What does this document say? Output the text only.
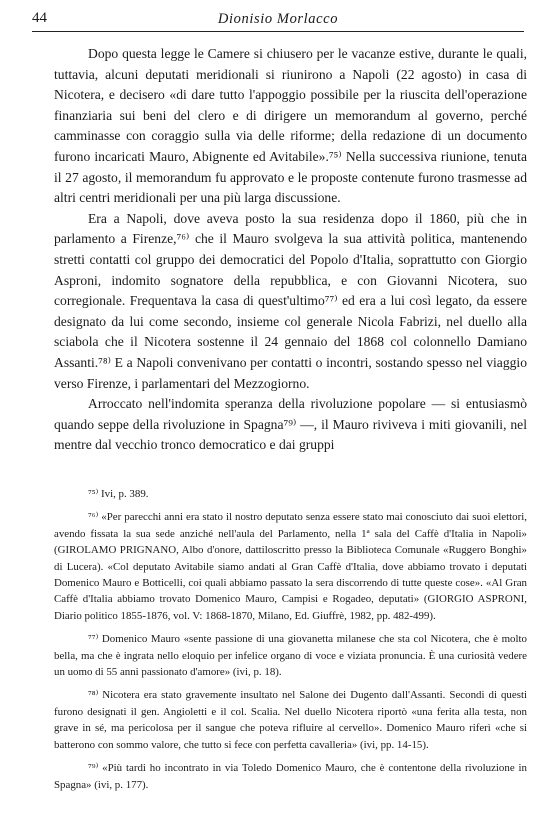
44	Dionisio Morlacco

Dopo questa legge le Camere si chiusero per le vacanze estive, durante le quali, tuttavia, alcuni deputati meridionali si riunirono a Napoli (22 agosto) in casa di Nicotera, e decisero «di dare tutto l'appoggio possibile per la riuscita dell'operazione finanziaria sui beni del clero e di dirigere un memorandum al governo, perché camminasse con coraggio sulla via delle riforme; della redazione di un documento furono incaricati Mauro, Abignente ed Avitabile».⁷⁵⁾ Nella successiva riunione, tenuta il 27 agosto, il memorandum fu approvato e le proposte contenute furono trasmesse ad altri centri meridionali per una più larga discussione.

Era a Napoli, dove aveva posto la sua residenza dopo il 1860, più che in parlamento a Firenze,⁷⁶⁾ che il Mauro svolgeva la sua attività politica, mantenendo stretti contatti col gruppo dei democratici del Popolo d'Italia, soprattutto con Giorgio Asproni, indomito sognatore della repubblica, e con Giovanni Nicotera, suo corregionale. Frequentava la casa di quest'ultimo⁷⁷⁾ ed era a lui così legato, da essere designato da lui come secondo, insieme col generale Nicola Fabrizi, nel duello alla sciabola che il Nicotera sostenne il 24 gennaio del 1868 col colonnello Damiano Assanti.⁷⁸⁾ E a Napoli convenivano per contatti o incontri, sostando spesso nel viaggio verso Firenze, i parlamentari del Mezzogiorno.

Arroccato nell'indomita speranza della rivoluzione popolare — si entusiasmò quando seppe della rivoluzione in Spagna⁷⁹⁾ —, il Mauro riviveva i miti giovanili, nel mentre dal vecchio tronco democratico e dai gruppi

⁷⁵⁾ Ivi, p. 389.

⁷⁶⁾ «Per parecchi anni era stato il nostro deputato senza essere stato mai conosciuto dai suoi elettori, avendo fissata la sua sede anziché nell'aula del Parlamento, nella 1ª sala del Caffè d'Italia in Napoli» (GIROLAMO PRIGNANO, Albo d'onore, dattiloscritto presso la Biblioteca Comunale «Ruggero Bonghi» di Lucera). «Col deputato Avitabile siamo andati al Gran Caffè d'Italia, dove abbiamo trovato i deputati Domenico Mauro e Botticelli, coi quali abbiamo passato la sera discorrendo di tutte queste cose». «Al Gran Caffè d'Italia abbiamo trovato Domenico Mauro, Campisi e Rogadeo, deputati» (GIORGIO ASPRONI, Diario politico 1855-1876, vol. V: 1868-1870, Milano, Ed. Giuffrè, 1982, pp. 482-499).

⁷⁷⁾ Domenico Mauro «sente passione di una giovanetta milanese che sta col Nicotera, che è molto bella, ma che è ingrata nello eloquio per infelice organo di voce e viziata pronuncia. È una curiosità vedere un uomo di 55 anni passionato d'amore» (ivi, p. 18).

⁷⁸⁾ Nicotera era stato gravemente insultato nel Salone dei Dugento dall'Assanti. Secondi di questi furono designati il gen. Angioletti e il col. Scalia. Nel duello Nicotera riportò «una ferita alla testa, non grave in sé, ma pericolosa per il sangue che poteva rifluire al cervello». Domenico Mauro riferì «che si batterono con sommo valore, che tutto si fece con perfetta cavalleria» (ivi, pp. 14-15).

⁷⁹⁾ «Più tardi ho incontrato in via Toledo Domenico Mauro, che è contentone della rivoluzione in Spagna» (ivi, p. 177).
